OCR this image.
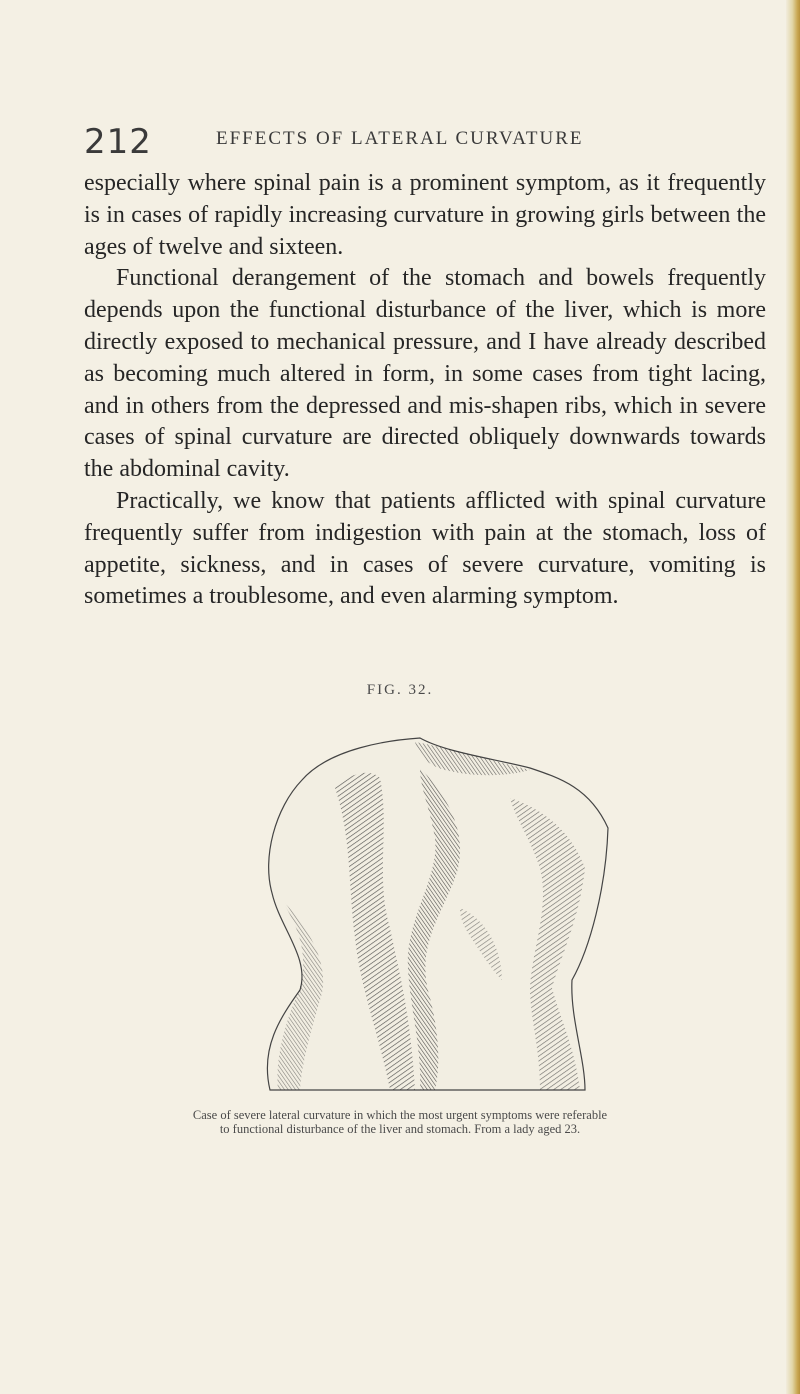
212	EFFECTS OF LATERAL CURVATURE

especially where spinal pain is a prominent symptom, as it frequently is in cases of rapidly increasing curvature in growing girls between the ages of twelve and sixteen.

Functional derangement of the stomach and bowels frequently depends upon the functional disturbance of the liver, which is more directly exposed to mechanical pressure, and I have already described as becoming much altered in form, in some cases from tight lacing, and in others from the depressed and mis-shapen ribs, which in severe cases of spinal curvature are directed obliquely downwards towards the abdominal cavity.

Practically, we know that patients afflicted with spinal curvature frequently suffer from indigestion with pain at the stomach, loss of appetite, sickness, and in cases of severe curvature, vomiting is sometimes a troublesome, and even alarming symptom.

FIG. 32.
Case of severe lateral curvature in which the most urgent symptoms were referable
to functional disturbance of the liver and stomach. From a lady aged 23.
